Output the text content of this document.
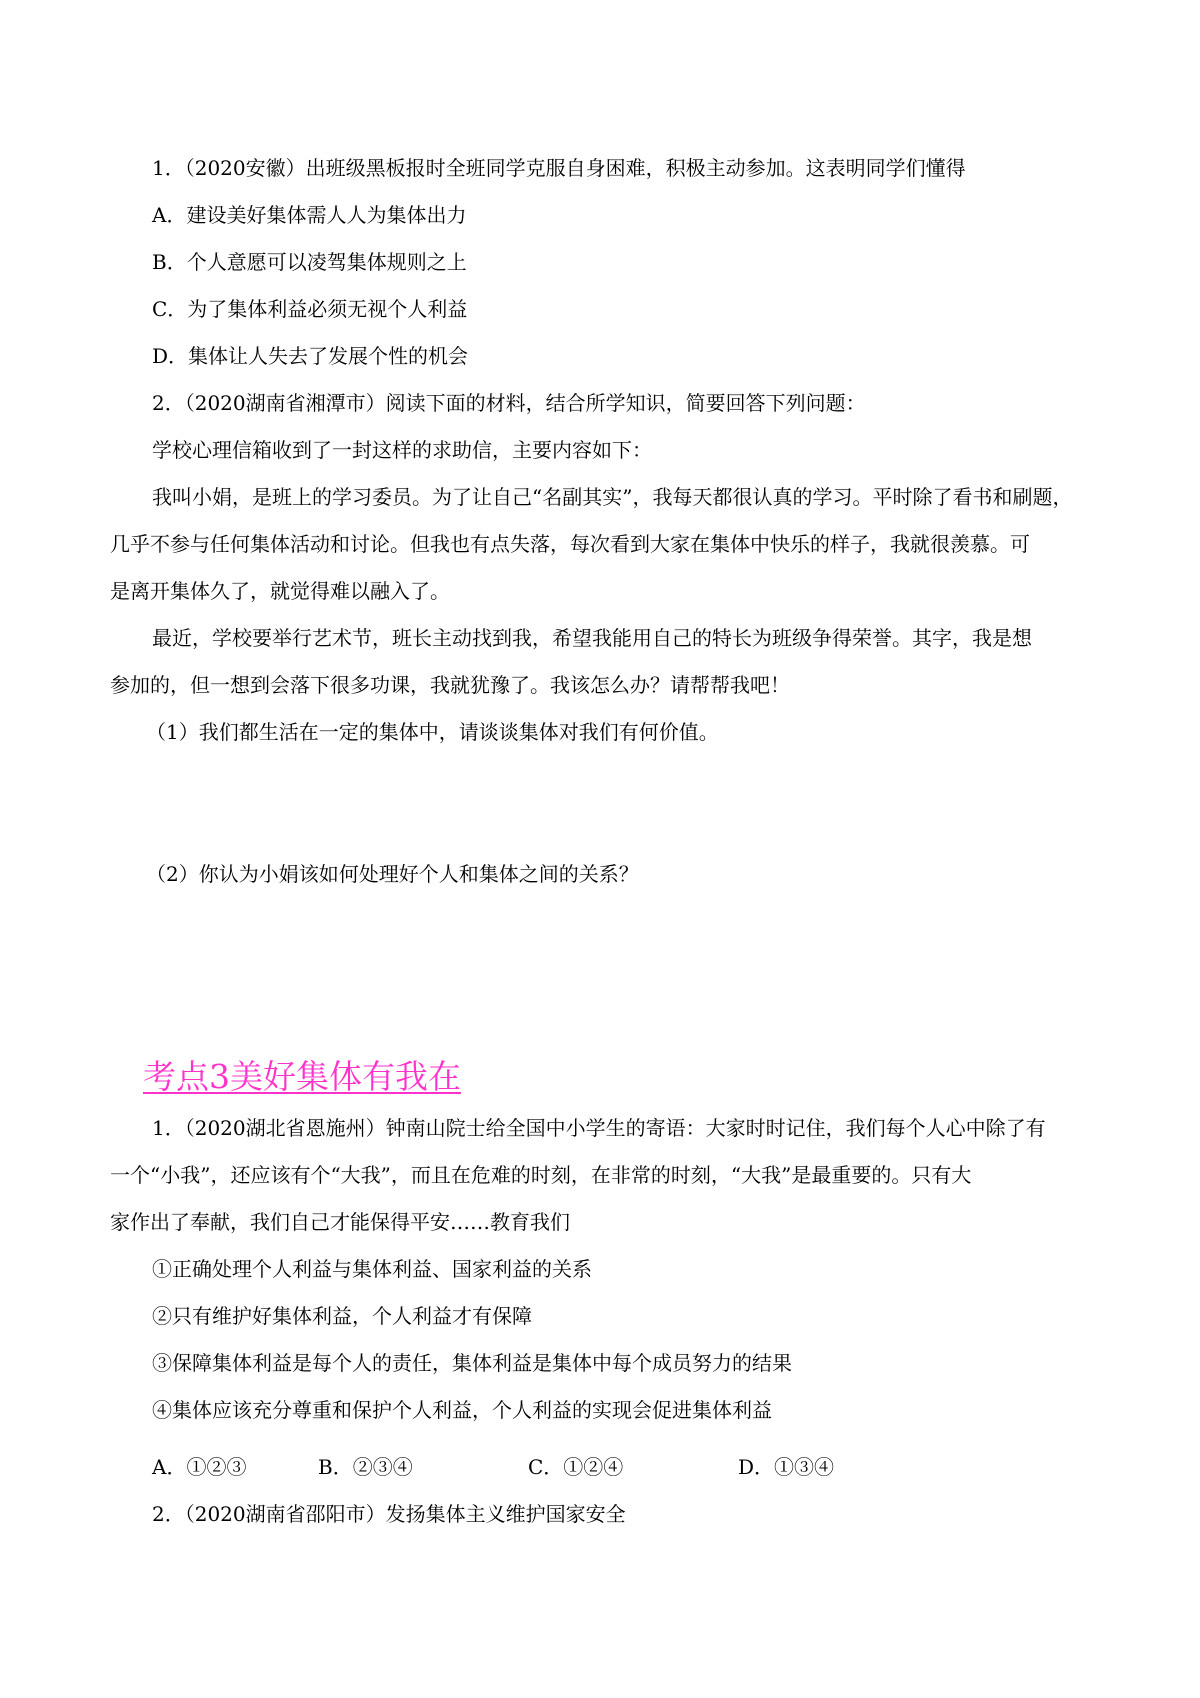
1．（2020安徽）出班级黑板报时全班同学克服自身困难，积极主动参加。这表明同学们懂得
A．建设美好集体需人人为集体出力
B．个人意愿可以凌驾集体规则之上
C．为了集体利益必须无视个人利益
D．集体让人失去了发展个性的机会
2．（2020湖南省湘潭市）阅读下面的材料，结合所学知识，简要回答下列问题：
学校心理信箱收到了一封这样的求助信，主要内容如下：
我叫小娟，是班上的学习委员。为了让自己“名副其实”，我每天都很认真的学习。平时除了看书和刷题，
几乎不参与任何集体活动和讨论。但我也有点失落，每次看到大家在集体中快乐的样子，我就很羡慕。可
是离开集体久了，就觉得难以融入了。
最近，学校要举行艺术节，班长主动找到我，希望我能用自己的特长为班级争得荣誉。其字，我是想
参加的，但一想到会落下很多功课，我就犹豫了。我该怎么办？请帮帮我吧！
（1）我们都生活在一定的集体中，请谈谈集体对我们有何价值。
（2）你认为小娟该如何处理好个人和集体之间的关系？
考点3美好集体有我在
1．（2020湖北省恩施州）钟南山院士给全国中小学生的寄语：大家时时记住，我们每个人心中除了有
一个“小我”，还应该有个“大我”，而且在危难的时刻，在非常的时刻，“大我”是最重要的。只有大
家作出了奉献，我们自己才能保得平安……教育我们
①正确处理个人利益与集体利益、国家利益的关系
②只有维护好集体利益，个人利益才有保障
③保障集体利益是每个人的责任，集体利益是集体中每个成员努力的结果
④集体应该充分尊重和保护个人利益，个人利益的实现会促进集体利益
A．①②③	B．②③④	C．①②④	D．①③④
2．（2020湖南省邵阳市）发扬集体主义维护国家安全
